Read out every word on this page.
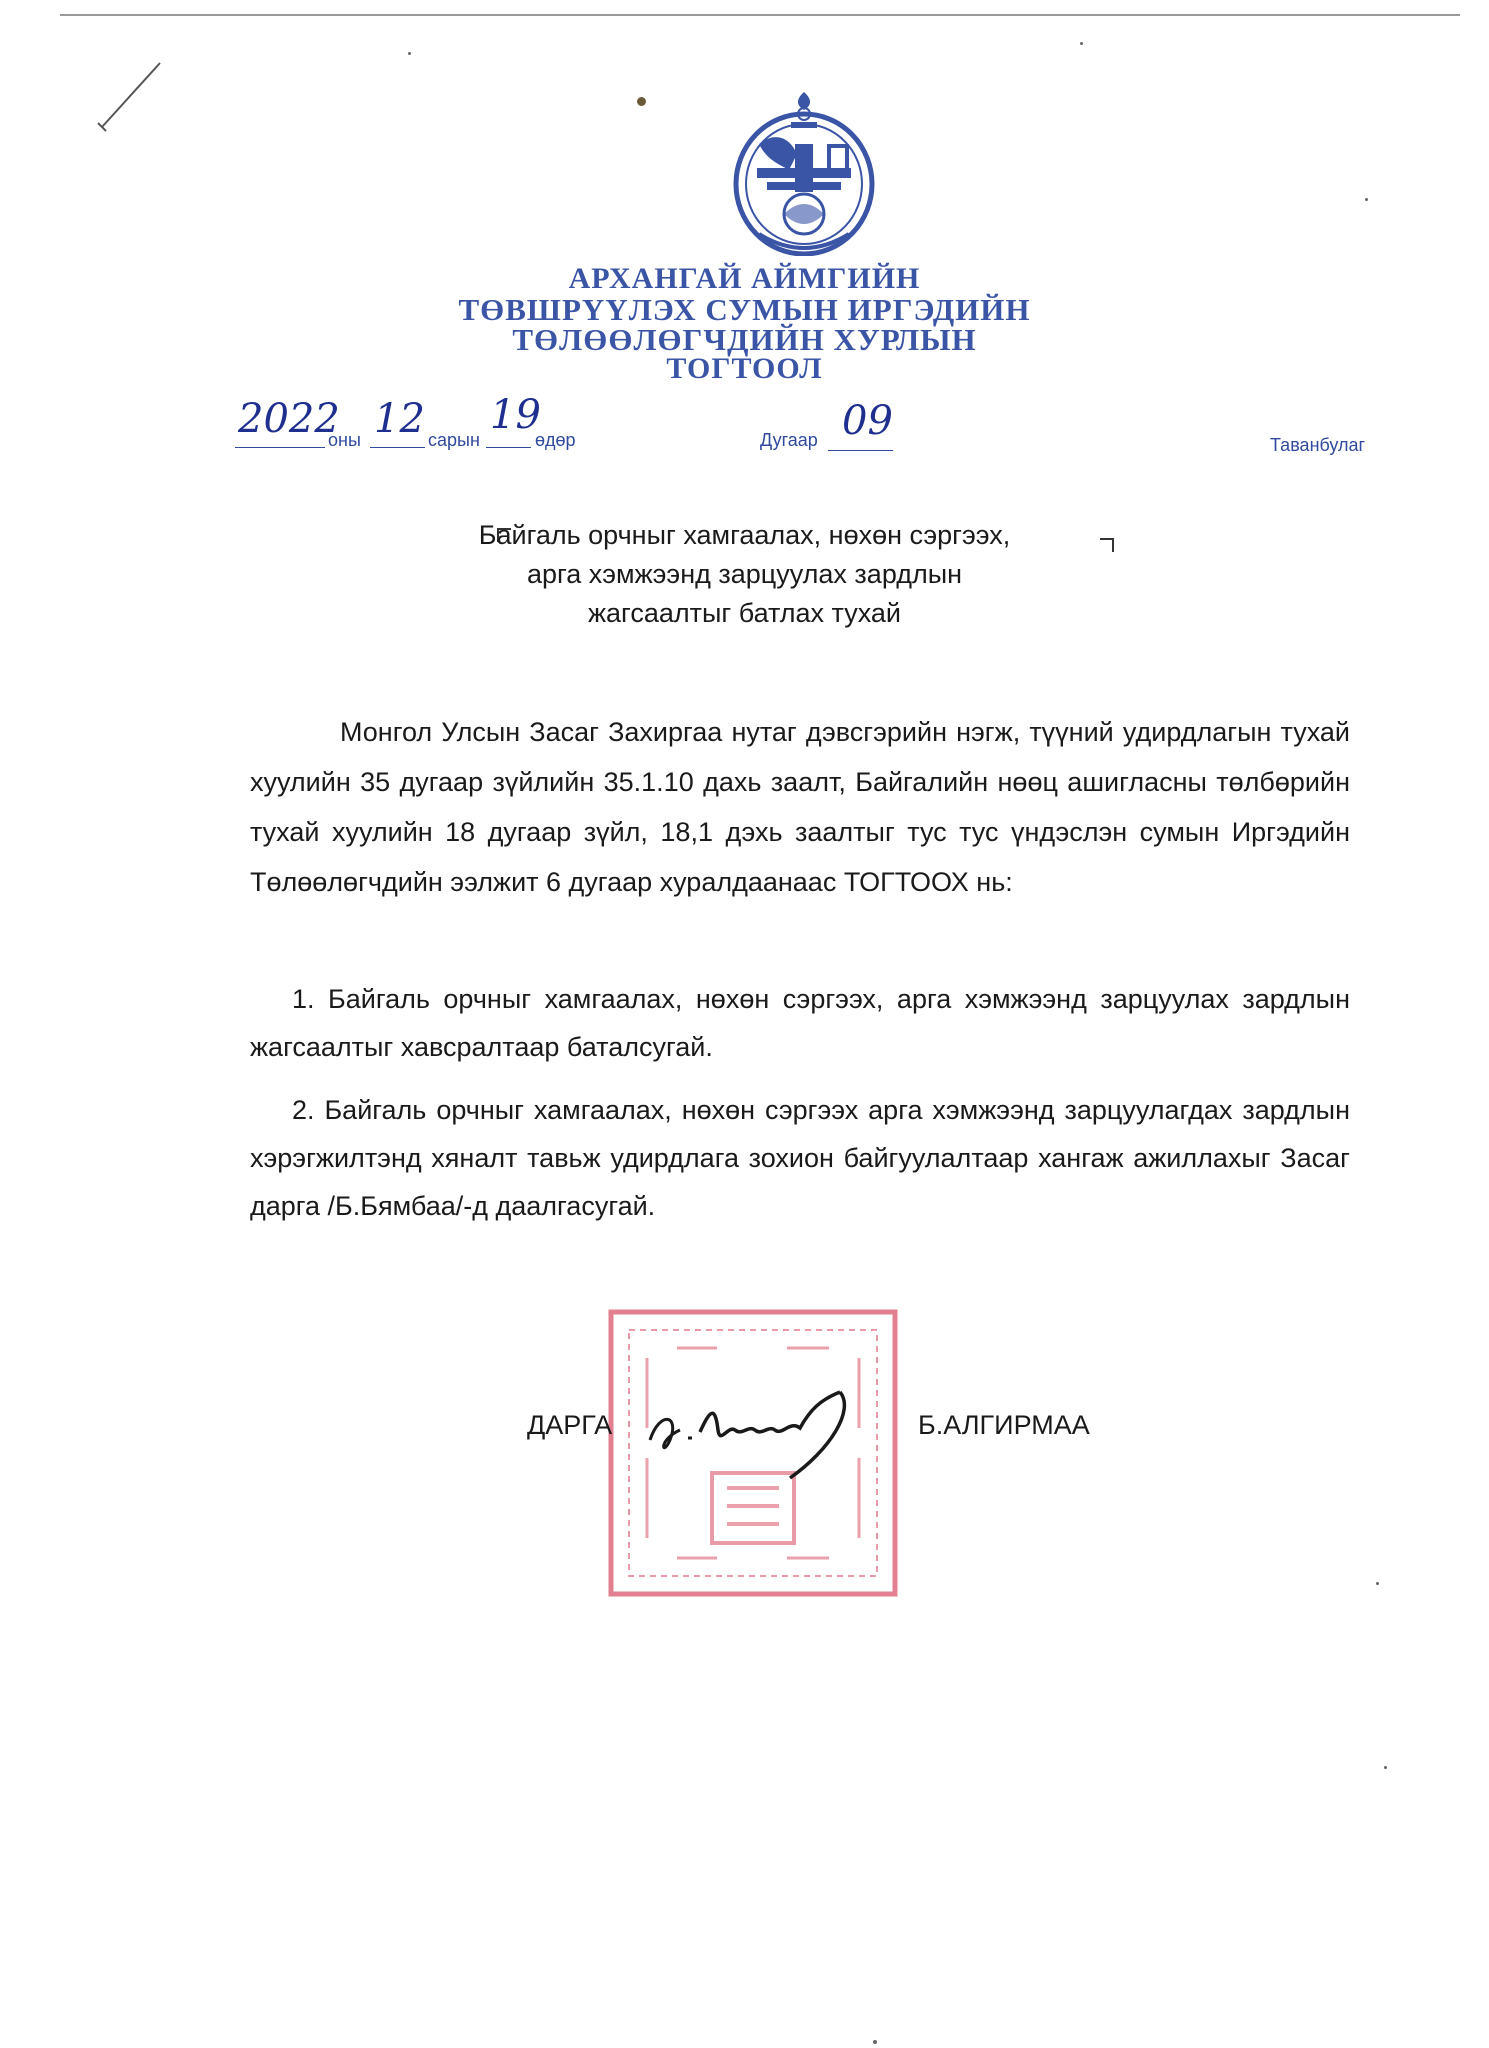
АРХАНГАЙ АЙМГИЙН
ТӨВШРҮҮЛЭХ СУМЫН ИРГЭДИЙН
ТӨЛӨӨЛӨГЧДИЙН ХУРЛЫН
ТОГТООЛ
2022
оны 12 сарын
19
өдөр	Дугаар 09
Таванбулаг
Байгаль орчныг хамгаалах, нөхөн сэргээх,
арга хэмжээнд зарцуулах зардлын
жагсаалтыг батлах тухай

Монгол Улсын Засаг Захиргаа нутаг дэвсгэрийн нэгж, түүний удирдлагын тухай хуулийн 35 дугаар зүйлийн 35.1.10 дахь заалт, Байгалийн нөөц ашигласны төлбөрийн тухай хуулийн 18 дугаар зүйл, 18,1 дэхь заалтыг тус тус үндэслэн сумын Иргэдийн Төлөөлөгчдийн ээлжит 6 дугаар хуралдаанаас ТОГТООХ нь:

1. Байгаль орчныг хамгаалах, нөхөн сэргээх, арга хэмжээнд зарцуулах зардлын жагсаалтыг хавсралтаар баталсугай.

2. Байгаль орчныг хамгаалах, нөхөн сэргээх арга хэмжээнд зарцуулагдах зардлын хэрэгжилтэнд хяналт тавьж удирдлага зохион байгуулалтаар хангаж ажиллахыг Засаг дарга /Б.Бямбаа/-д даалгасугай.

ДАРГА	Б.АЛГИРМАА
